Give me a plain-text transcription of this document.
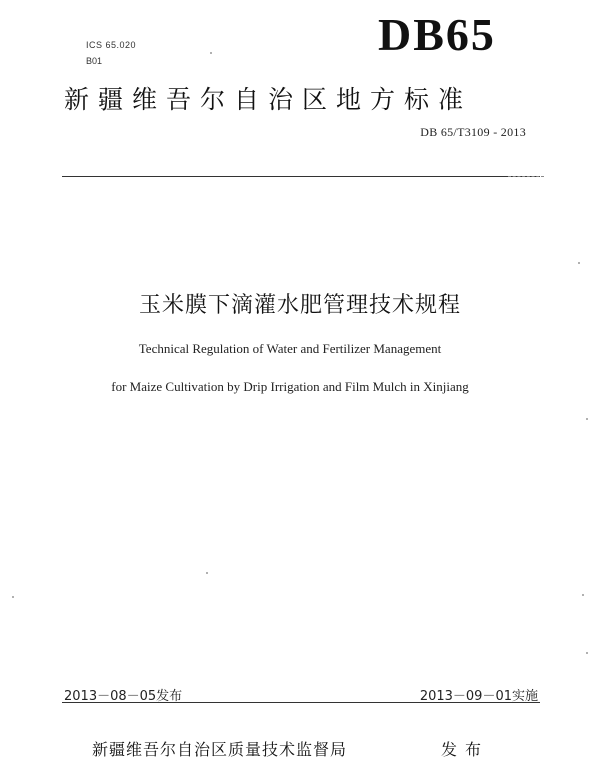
ICS 65.020
B01
DB65
新疆维吾尔自治区地方标准
DB 65/T3109 - 2013
玉米膜下滴灌水肥管理技术规程
Technical Regulation of Water and Fertilizer Management
for Maize Cultivation by Drip Irrigation and Film Mulch in Xinjiang
2013－08－05发布	2013－09－01实施
新疆维吾尔自治区质量技术监督局	发布
